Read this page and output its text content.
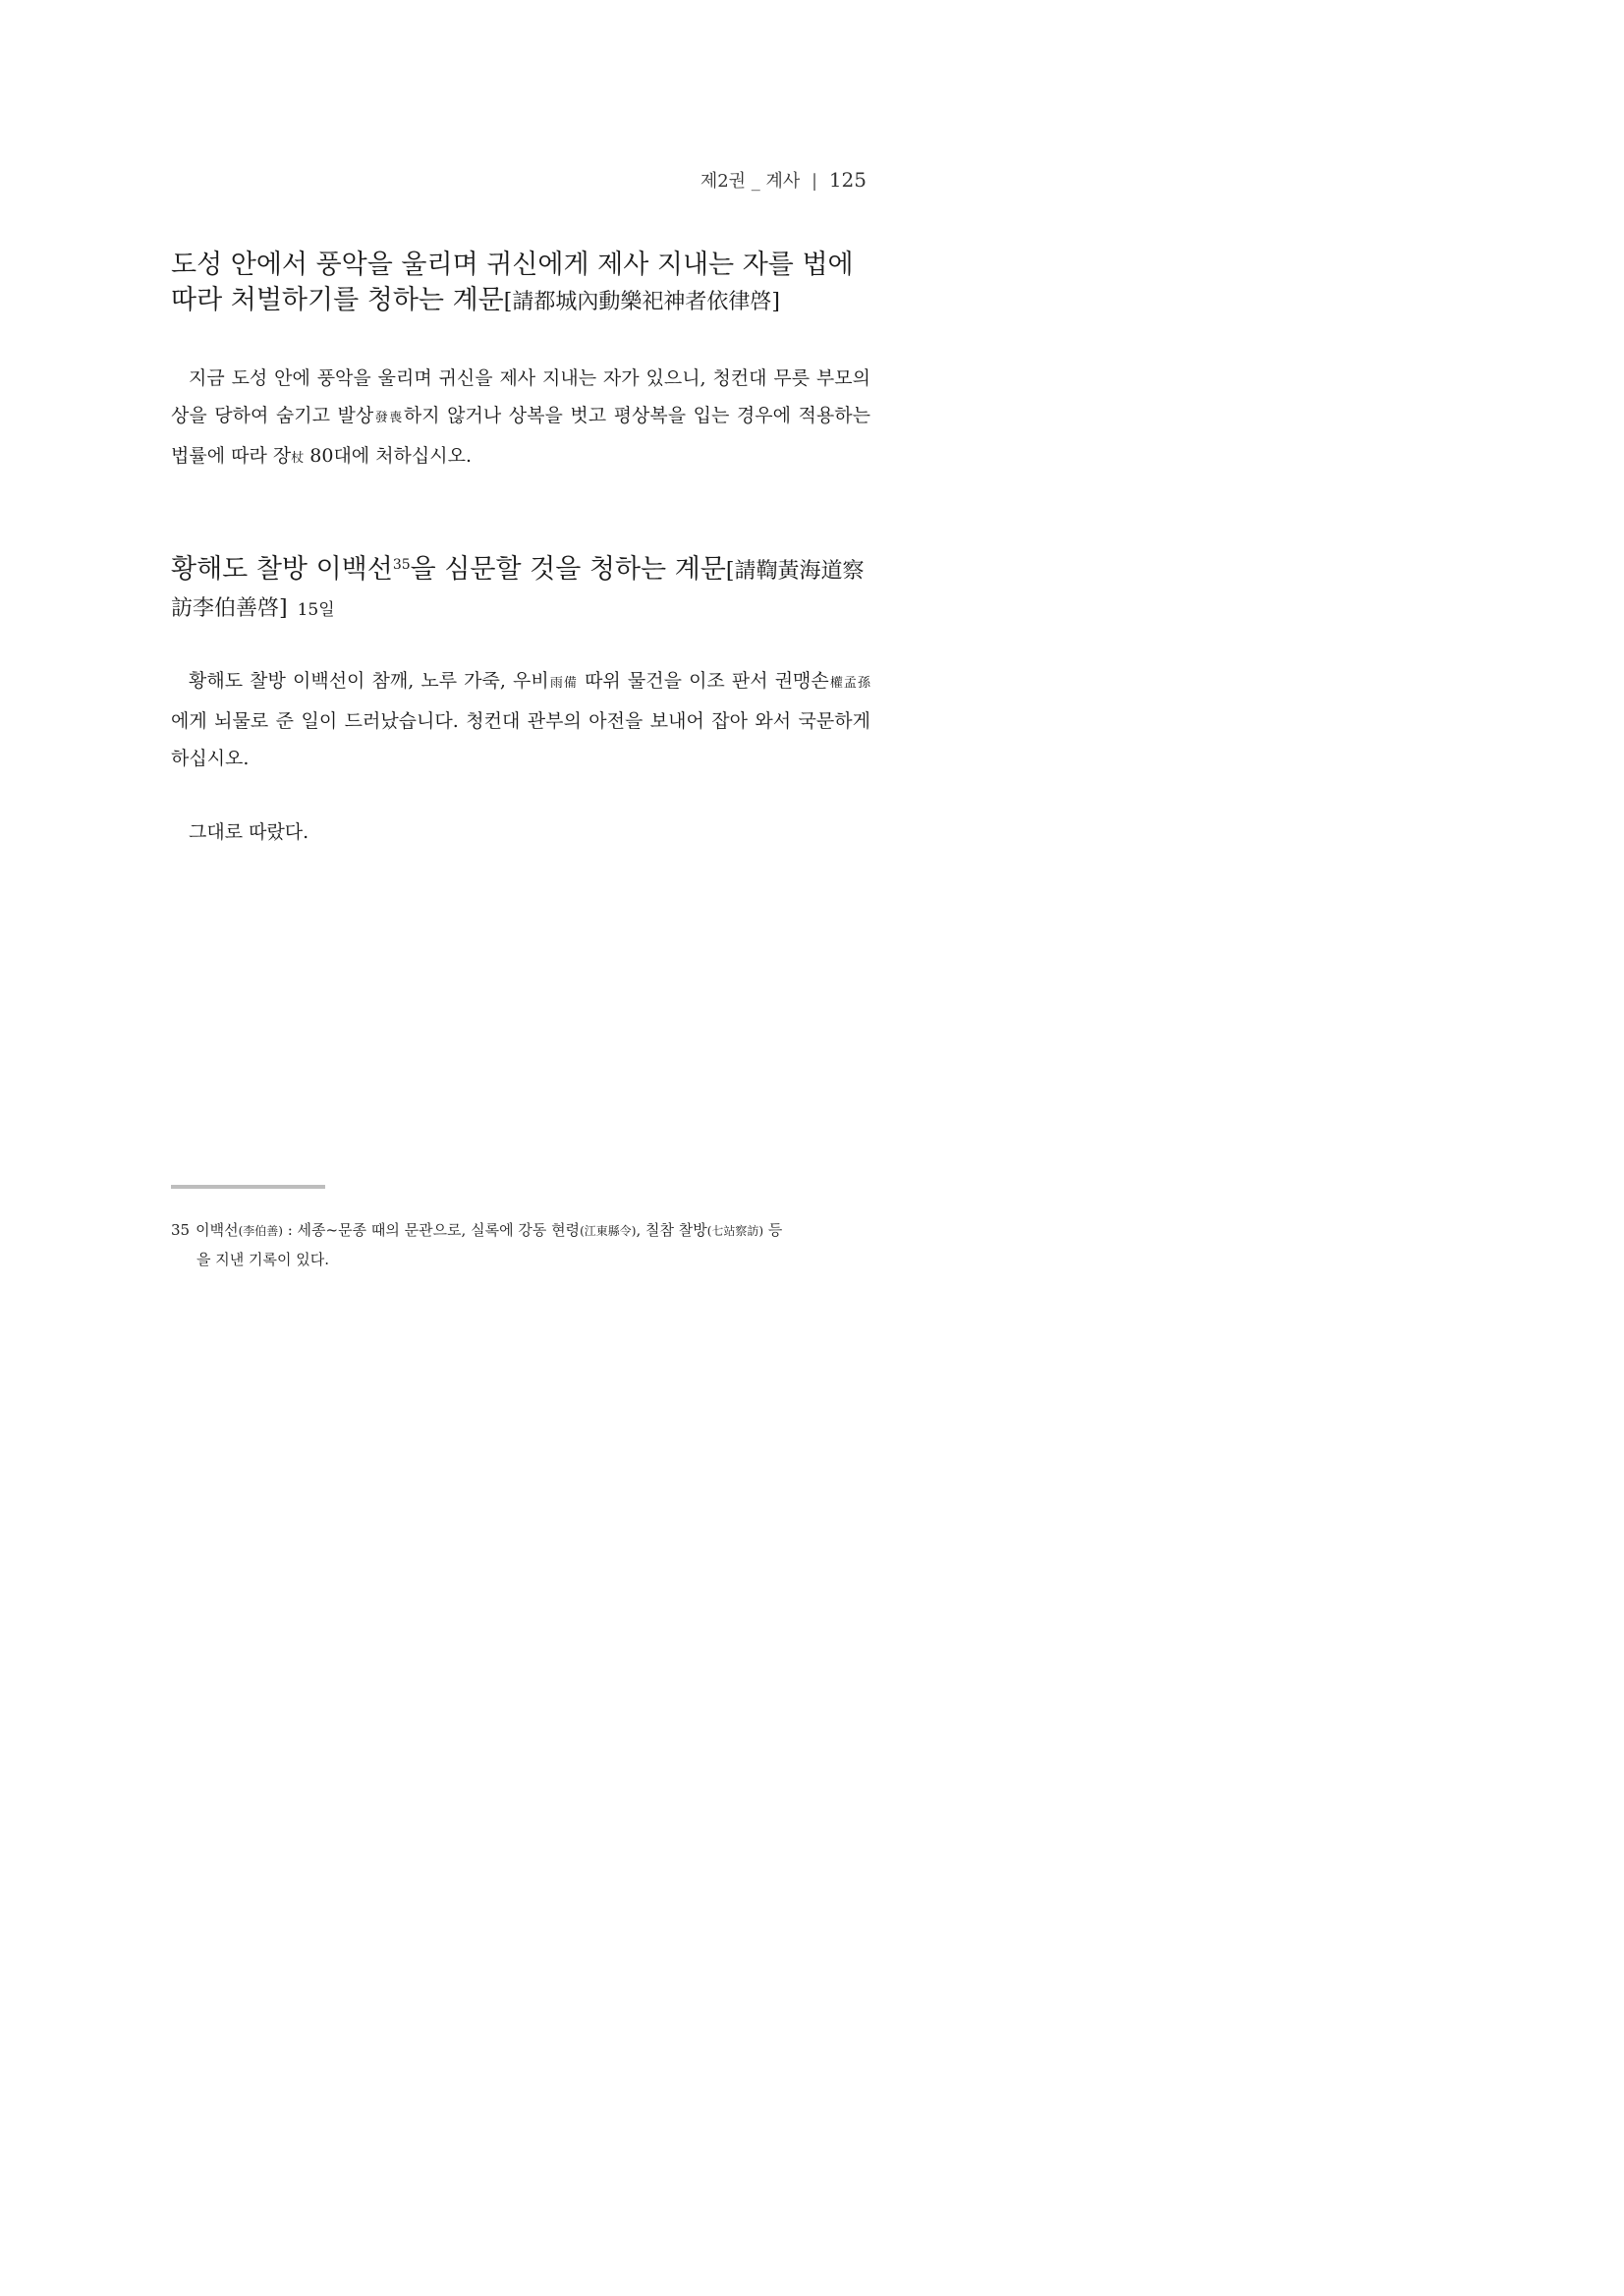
제2권 _ 계사 | 125
도성 안에서 풍악을 울리며 귀신에게 제사 지내는 자를 법에 따라 처벌하기를 청하는 계문[請都城內動樂祀神者依律啓]

지금 도성 안에 풍악을 울리며 귀신을 제사 지내는 자가 있으니, 청컨대 무릇 부모의 상을 당하여 숨기고 발상發喪하지 않거나 상복을 벗고 평상복을 입는 경우에 적용하는 법률에 따라 장杖 80대에 처하십시오.

황해도 찰방 이백선$^{35}$을 심문할 것을 청하는 계문[請鞫黃海道察訪李伯善啓] 15일

황해도 찰방 이백선이 참깨, 노루 가죽, 우비雨備 따위 물건을 이조 판서 권맹손權孟孫에게 뇌물로 준 일이 드러났습니다. 청컨대 관부의 아전을 보내어 잡아 와서 국문하게 하십시오.

그대로 따랐다.

35 이백선(李伯善) : 세종~문종 때의 문관으로, 실록에 강동 현령(江東縣令), 칠참 찰방(七站察訪) 등
을 지낸 기록이 있다.
